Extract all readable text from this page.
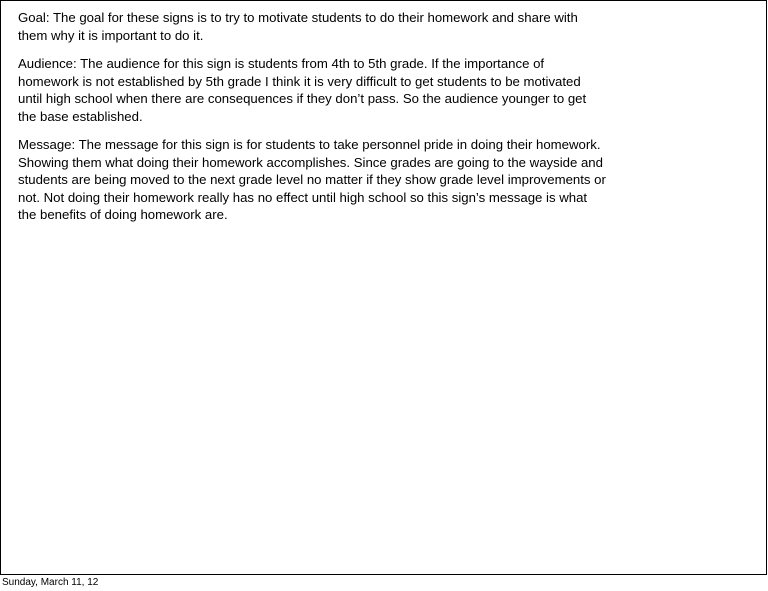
Goal: The goal for these signs is to try to motivate students to do their homework and share with
them why it is important to do it.

Audience: The audience for this sign is students from 4th to 5th grade. If the importance of
homework is not established by 5th grade I think it is very difficult to get students to be motivated
until high school when there are consequences if they don’t pass. So the audience younger to get
the base established.

Message: The message for this sign is for students to take personnel pride in doing their homework.
Showing them what doing their homework accomplishes. Since grades are going to the wayside and
students are being moved to the next grade level no matter if they show grade level improvements or
not. Not doing their homework really has no effect until high school so this sign’s message is what
the benefits of doing homework are.

Sunday, March 11, 12
